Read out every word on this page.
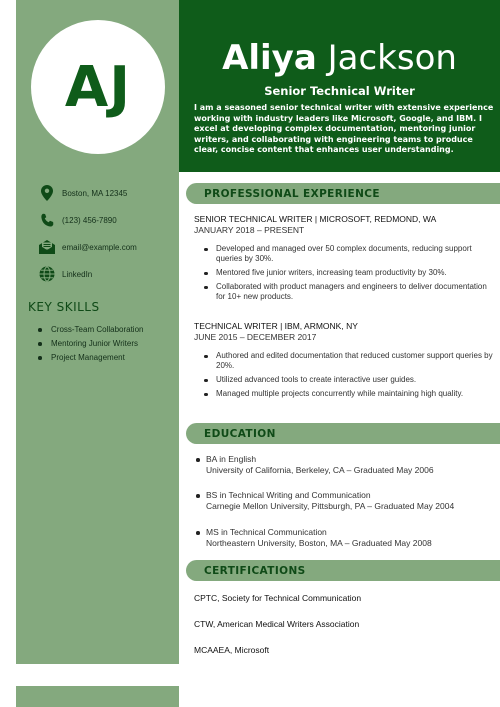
AJ	Aliya Jackson
Senior Technical Writer
I am a seasoned senior technical writer with extensive experience working with industry leaders like Microsoft, Google, and IBM. I excel at developing complex documentation, mentoring junior writers, and collaborating with engineering teams to produce clear, concise content that enhances user understanding.
Boston, MA 12345
(123) 456-7890
email@example.com
LinkedIn
KEY SKILLS
Cross-Team Collaboration
Mentoring Junior Writers
Project Management
PROFESSIONAL EXPERIENCE
SENIOR TECHNICAL WRITER | MICROSOFT, REDMOND, WA
JANUARY 2018 – PRESENT
Developed and managed over 50 complex documents, reducing support queries by 30%.
Mentored five junior writers, increasing team productivity by 30%.
Collaborated with product managers and engineers to deliver documentation for 10+ new products.
TECHNICAL WRITER | IBM, ARMONK, NY
JUNE 2015 – DECEMBER 2017
Authored and edited documentation that reduced customer support queries by 20%.
Utilized advanced tools to create interactive user guides.
Managed multiple projects concurrently while maintaining high quality.
EDUCATION
BA in English
University of California, Berkeley, CA – Graduated May 2006
BS in Technical Writing and Communication
Carnegie Mellon University, Pittsburgh, PA – Graduated May 2004
MS in Technical Communication
Northeastern University, Boston, MA – Graduated May 2008
CERTIFICATIONS
CPTC, Society for Technical Communication
CTW, American Medical Writers Association
MCAAEA, Microsoft
